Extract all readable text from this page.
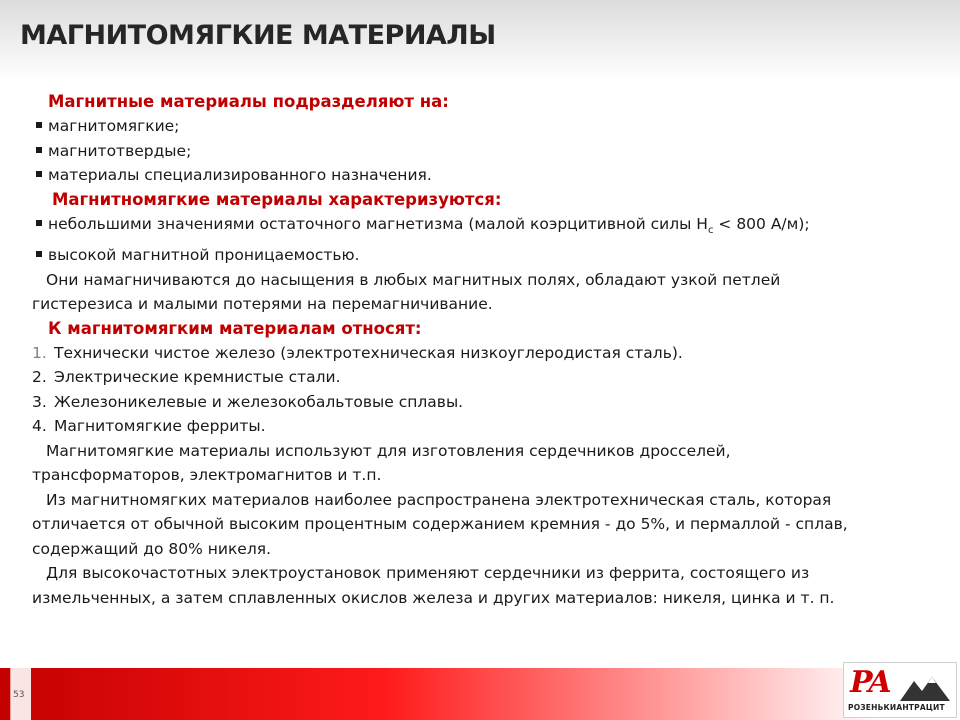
МАГНИТОМЯГКИЕ МАТЕРИАЛЫ

Магнитные материалы подразделяют на:

магнитомягкие;

магнитотвердые;

материалы специализированного назначения.

Магнитномягкие материалы характеризуются:

небольшими значениями остаточного магнетизма (малой коэрцитивной силы $H_c < 800$ А/м);

высокой магнитной проницаемостью.

Они намагничиваются до насыщения в любых магнитных полях, обладают узкой петлей

гистерезиса и малыми потерями на перемагничивание.

К магнитомягким материалам относят:

1. Технически чистое железо (электротехническая низкоуглеродистая сталь).

2. Электрические кремнистые стали.

3. Железоникелевые и железокобальтовые сплавы.

4. Магнитомягкие ферриты.

Магнитомягкие материалы используют для изготовления сердечников дросселей,

трансформаторов, электромагнитов и т.п.

Из магнитномягких материалов наиболее распространена электротехническая сталь, которая

отличается от обычной высоким процентным содержанием кремния - до 5%, и пермаллой - сплав,

содержащий до 80% никеля.

Для высокочастотных электроустановок применяют сердечники из феррита, состоящего из

измельченных, а затем сплавленных окислов железа и других материалов: никеля, цинка и т. п.

53	PA
РОЗЕНЬКИАНТРАЦИТ
